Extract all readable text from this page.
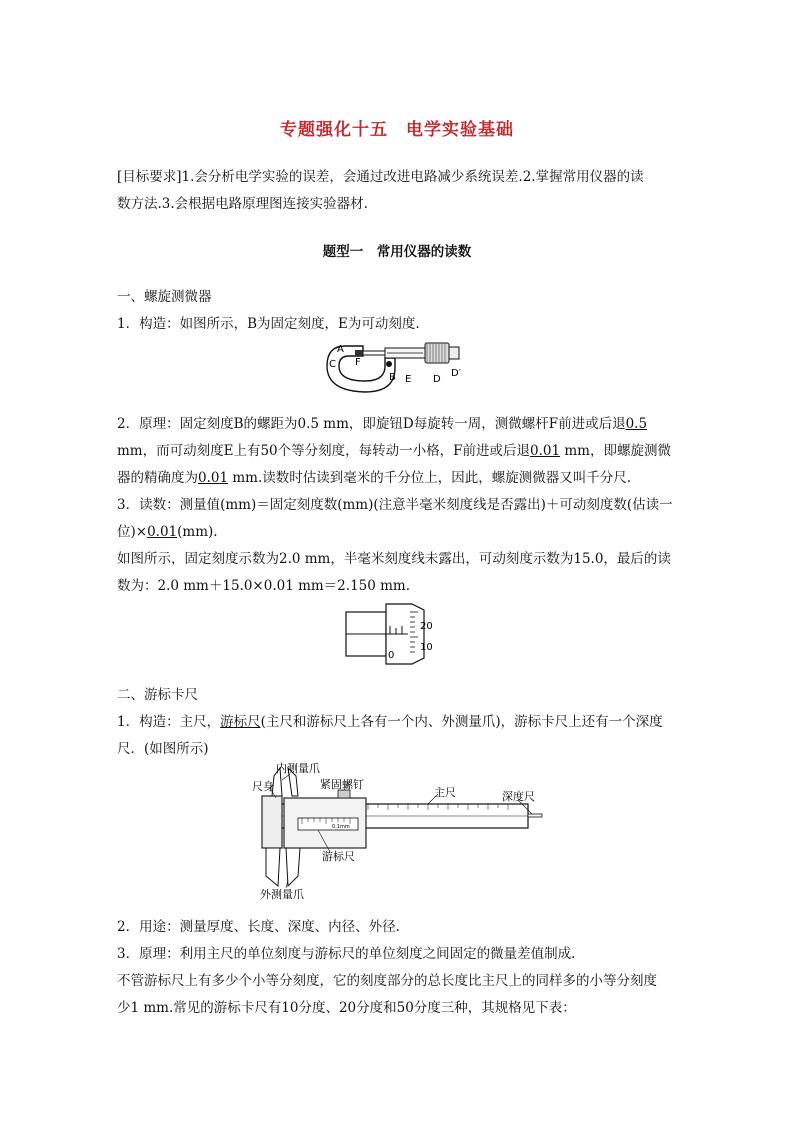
专题强化十五　电学实验基础
[目标要求]1.会分析电学实验的误差，会通过改进电路减少系统误差.2.掌握常用仪器的读
数方法.3.会根据电路原理图连接实验器材.
题型一　常用仪器的读数
一、螺旋测微器
1．构造：如图所示，B为固定刻度，E为可动刻度.
A
C F
B E D
D′
2．原理：固定刻度B的螺距为0.5 mm，即旋钮D每旋转一周，测微螺杆F前进或后退0.5
mm，而可动刻度E上有50个等分刻度，每转动一小格，F前进或后退0.01 mm，即螺旋测微
器的精确度为0.01 mm.读数时估读到毫米的千分位上，因此，螺旋测微器又叫千分尺.
3．读数：测量值(mm)＝固定刻度数(mm)(注意半毫米刻度线是否露出)＋可动刻度数(估读一
位)×0.01(mm).
如图所示，固定刻度示数为2.0 mm，半毫米刻度线未露出，可动刻度示数为15.0，最后的读
数为：2.0 mm＋15.0×0.01 mm＝2.150 mm.
20
10
0
二、游标卡尺
1．构造：主尺，游标尺(主尺和游标尺上各有一个内、外测量爪)，游标卡尺上还有一个深度
尺．(如图所示)
0.1mm
内测量爪
尺身	紧固螺钉
主尺	深度尺
游标尺
外测量爪
2．用途：测量厚度、长度、深度、内径、外径.
3．原理：利用主尺的单位刻度与游标尺的单位刻度之间固定的微量差值制成.
不管游标尺上有多少个小等分刻度，它的刻度部分的总长度比主尺上的同样多的小等分刻度
少1 mm.常见的游标卡尺有10分度、20分度和50分度三种，其规格见下表：
